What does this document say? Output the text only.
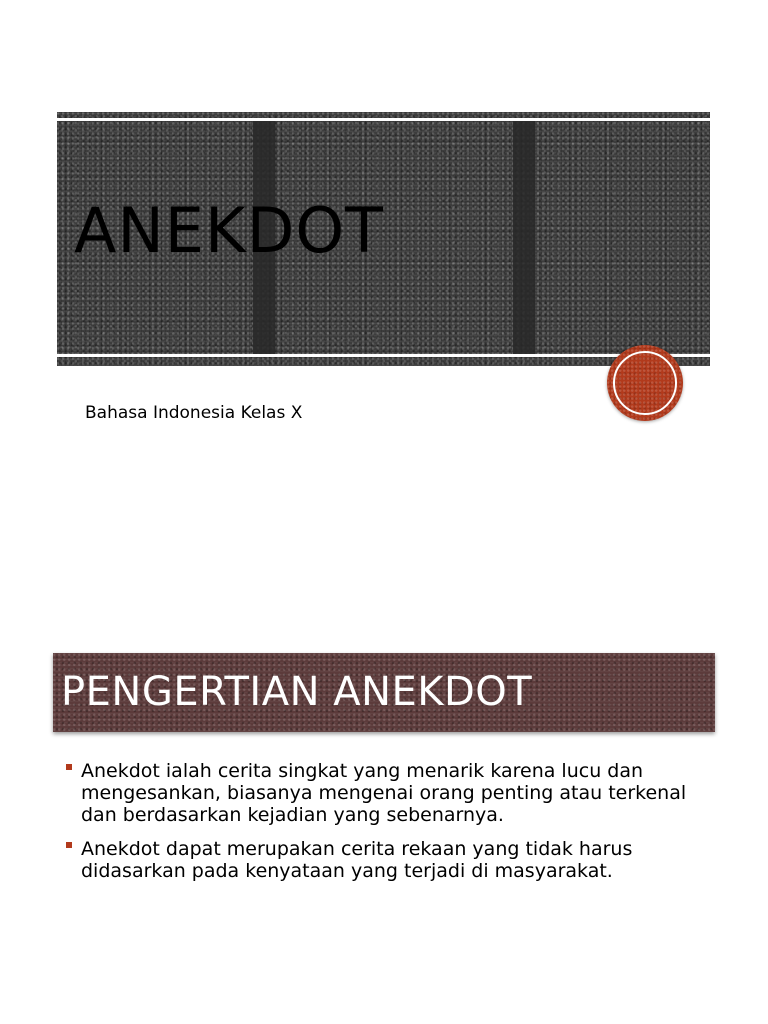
ANEKDOT

Bahasa Indonesia Kelas X

PENGERTIAN ANEKDOT
Anekdot ialah cerita singkat yang menarik karena lucu dan mengesankan, biasanya mengenai orang penting atau terkenal dan berdasarkan kejadian yang sebenarnya.
Anekdot dapat merupakan cerita rekaan yang tidak harus didasarkan pada kenyataan yang terjadi di masyarakat.
